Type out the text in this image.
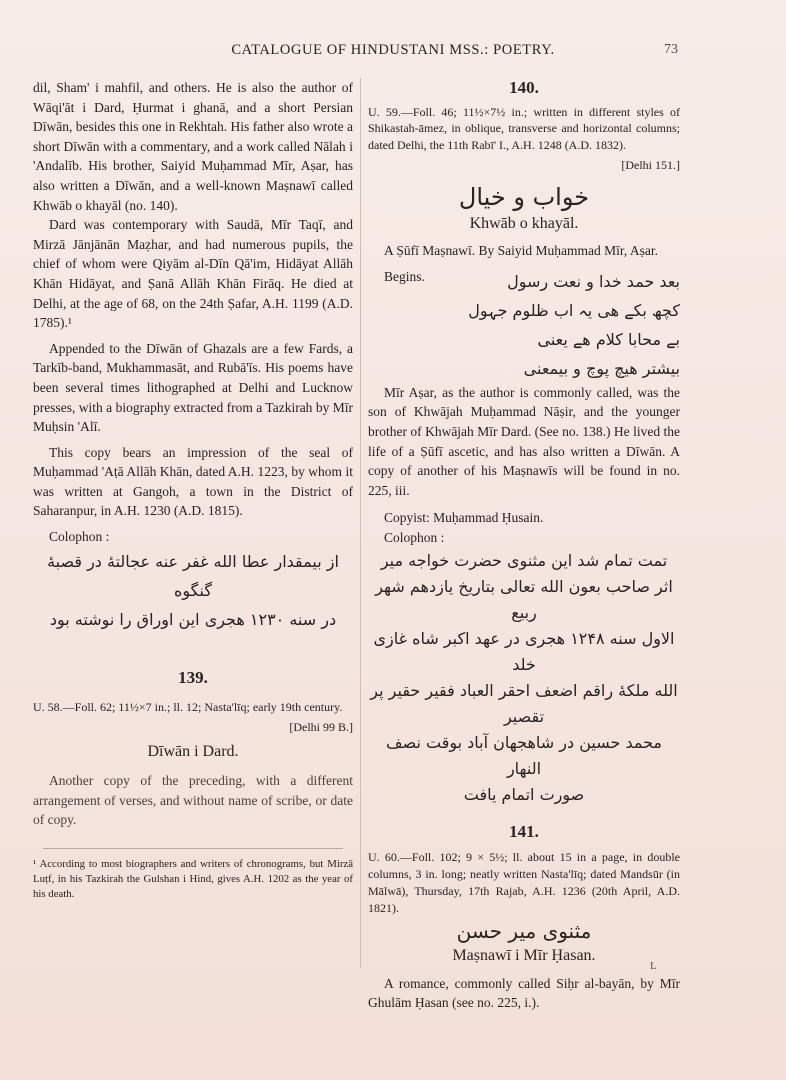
CATALOGUE OF HINDUSTANI MSS.: POETRY.	73

dil, Sham' i mahfil, and others. He is also the author of Wāqi'āt i Dard, Ḥurmat i ghanā, and a short Persian Dīwān, besides this one in Rekhtah. His father also wrote a short Dīwān with a commentary, and a work called Nālah i 'Andalīb. His brother, Saiyid Muḥammad Mīr, Aṣar, has also written a Dīwān, and a well-known Maṣnawī called Khwāb o khayāl (no. 140).

Dard was contemporary with Saudā, Mīr Taqī, and Mirzā Jānjānān Maẓhar, and had numerous pupils, the chief of whom were Qiyām al-Dīn Qā'im, Hidāyat Allāh Khān Hidāyat, and Ṣanā Allāh Khān Firāq. He died at Delhi, at the age of 68, on the 24th Ṣafar, A.H. 1199 (A.D. 1785).¹

Appended to the Dīwān of Ghazals are a few Fards, a Tarkīb-band, Mukhammasāt, and Rubā'īs. His poems have been several times lithographed at Delhi and Lucknow presses, with a biography extracted from a Tazkirah by Mīr Muḥsin 'Alī.

This copy bears an impression of the seal of Muḥammad 'Aṭā Allāh Khān, dated A.H. 1223, by whom it was written at Gangoh, a town in the District of Saharanpur, in A.H. 1230 (A.D. 1815).

Colophon :
از بیمقدار عطا الله غفر عنه عجالتهٔ در قصبهٔ گنگوه
در سنه ۱۲۳۰ هجری این اوراق را نوشته بود
139.

U. 58.—Foll. 62; 11½×7 in.; ll. 12; Nasta'līq; early 19th century.

[Delhi 99 B.]
Dīwān i Dard.

Another copy of the preceding, with a different arrangement of verses, and without name of scribe, or date of copy.

¹ According to most biographers and writers of chronograms, but Mirzā Luṭf, in his Tazkirah the Gulshan i Hind, gives A.H. 1202 as the year of his death.

140.

U. 59.—Foll. 46; 11½×7½ in.; written in different styles of Shikastah-āmez, in oblique, transverse and horizontal columns; dated Delhi, the 11th Rabī' I., A.H. 1248 (A.D. 1832).

[Delhi 151.]
خواب و خیال
Khwāb o khayāl.

A Ṣūfī Maṣnawī. By Saiyid Muḥammad Mīr, Aṣar.

Begins.	بعد حمد خدا و نعت رسول
کچھ بکے ھی یہ اب ظلوم جہول
بے محابا کلام ھے یعنی
بیشتر ھیچ پوچ و بیمعنی

Mīr Aṣar, as the author is commonly called, was the son of Khwājah Muḥammad Nāṣir, and the younger brother of Khwājah Mīr Dard. (See no. 138.) He lived the life of a Ṣūfī ascetic, and has also written a Dīwān. A copy of another of his Maṣnawīs will be found in no. 225, iii.

Copyist: Muḥammad Ḥusain.
Colophon :
تمت تمام شد این مثنوی حضرت خواجه میر
اثر صاحب بعون الله تعالی بتاریخ یازدهم شهر ربیع
الاول سنه ۱۲۴۸ هجری در عهد اکبر شاه غازی خلد
الله ملکهٔ راقم اضعف احقر العباد فقیر حقیر پر تقصیر
محمد حسین در شاهجهان آباد بوقت نصف النهار
صورت اتمام یافت
141.

U. 60.—Foll. 102; 9 × 5½; ll. about 15 in a page, in double columns, 3 in. long; neatly written Nasta'līq; dated Mandsūr (in Mālwā), Thursday, 17th Rajab, A.H. 1236 (20th April, A.D. 1821).

مثنوی میر حسن
Maṣnawī i Mīr Ḥasan.

A romance, commonly called Siḥr al-bayān, by Mīr Ghulām Ḥasan (see no. 225, i.).

L
